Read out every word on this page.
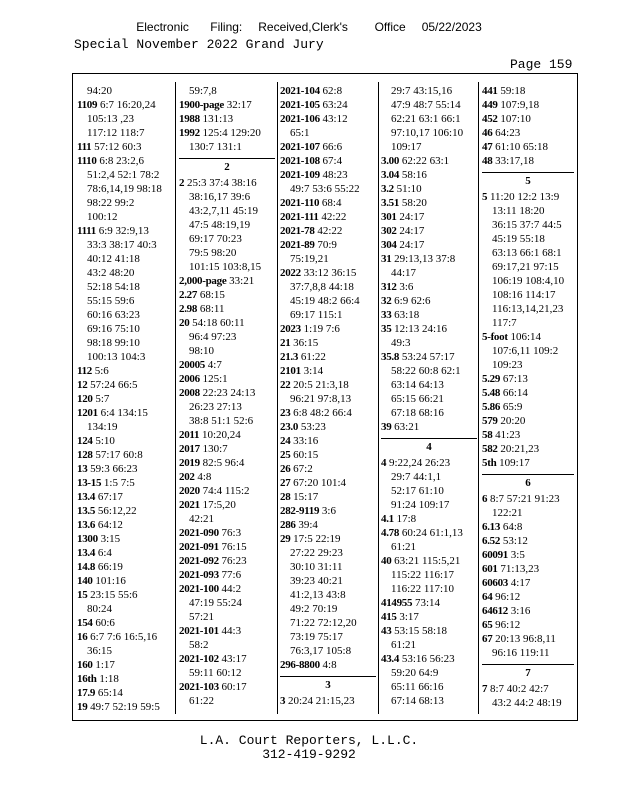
Electronic    Filing:   Received,Clerk's     Office   05/22/2023
Special November 2022 Grand Jury
Page 159
94:20
1109 6:7 16:20,24
105:13 ,23
117:12 118:7
111 57:12 60:3
1110 6:8 23:2,6
51:2,4 52:1 78:2
78:6,14,19 98:18
98:22 99:2
100:12
1111 6:9 32:9,13
33:3 38:17 40:3
40:12 41:18
43:2 48:20
52:18 54:18
55:15 59:6
60:16 63:23
69:16 75:10
98:18 99:10
100:13 104:3
112 5:6
12 57:24 66:5
120 5:7
1201 6:4 134:15
134:19
124 5:10
128 57:17 60:8
13 59:3 66:23
13-15 1:5 7:5
13.4 67:17
13.5 56:12,22
13.6 64:12
1300 3:15
13.4 6:4
14.8 66:19
140 101:16
15 23:15 55:6
80:24
154 60:6
16 6:7 7:6 16:5,16
36:15
160 1:17
16th 1:18
17.9 65:14
19 49:7 52:19 59:5
59:7,8
1900-page 32:17
1988 131:13
1992 125:4 129:20
130:7 131:1
2
2 25:3 37:4 38:16
38:16,17 39:6
43:2,7,11 45:19
47:5 48:19,19
69:17 70:23
79:5 98:20
101:15 103:8,15
2,000-page 33:21
2.27 68:15
2.98 68:11
20 54:18 60:11
96:4 97:23
98:10
20005 4:7
2006 125:1
2008 22:23 24:13
26:23 27:13
38:8 51:1 52:6
2011 10:20,24
2017 130:7
2019 82:5 96:4
202 4:8
2020 74:4 115:2
2021 17:5,20
42:21
2021-090 76:3
2021-091 76:15
2021-092 76:23
2021-093 77:6
2021-100 44:2
47:19 55:24
57:21
2021-101 44:3
58:2
2021-102 43:17
59:11 60:12
2021-103 60:17
61:22
2021-104 62:8
2021-105 63:24
2021-106 43:12
65:1
2021-107 66:6
2021-108 67:4
2021-109 48:23
49:7 53:6 55:22
2021-110 68:4
2021-111 42:22
2021-78 42:22
2021-89 70:9
75:19,21
2022 33:12 36:15
37:7,8,8 44:18
45:19 48:2 66:4
69:17 115:1
2023 1:19 7:6
21 36:15
21.3 61:22
2101 3:14
22 20:5 21:3,18
96:21 97:8,13
23 6:8 48:2 66:4
23.0 53:23
24 33:16
25 60:15
26 67:2
27 67:20 101:4
28 15:17
282-9119 3:6
286 39:4
29 17:5 22:19
27:22 29:23
30:10 31:11
39:23 40:21
41:2,13 43:8
49:2 70:19
71:22 72:12,20
73:19 75:17
76:3,17 105:8
296-8800 4:8
3
3 20:24 21:15,23
29:7 43:15,16
47:9 48:7 55:14
62:21 63:1 66:1
97:10,17 106:10
109:17
3.00 62:22 63:1
3.04 58:16
3.2 51:10
3.51 58:20
301 24:17
302 24:17
304 24:17
31 29:13,13 37:8
44:17
312 3:6
32 6:9 62:6
33 63:18
35 12:13 24:16
49:3
35.8 53:24 57:17
58:22 60:8 62:1
63:14 64:13
65:15 66:21
67:18 68:16
39 63:21
4
4 9:22,24 26:23
29:7 44:1,1
52:17 61:10
91:24 109:17
4.1 17:8
4.78 60:24 61:1,13
61:21
40 63:21 115:5,21
115:22 116:17
116:22 117:10
414955 73:14
415 3:17
43 53:15 58:18
61:21
43.4 53:16 56:23
59:20 64:9
65:11 66:16
67:14 68:13
441 59:18
449 107:9,18
452 107:10
46 64:23
47 61:10 65:18
48 33:17,18
5
5 11:20 12:2 13:9
13:11 18:20
36:15 37:7 44:5
45:19 55:18
63:13 66:1 68:1
69:17,21 97:15
106:19 108:4,10
108:16 114:17
116:13,14,21,23
117:7
5-foot 106:14
107:6,11 109:2
109:23
5.29 67:13
5.48 66:14
5.86 65:9
579 20:20
58 41:23
582 20:21,23
5th 109:17
6
6 8:7 57:21 91:23
122:21
6.13 64:8
6.52 53:12
60091 3:5
601 71:13,23
60603 4:17
64 96:12
64612 3:16
65 96:12
67 20:13 96:8,11
96:16 119:11
7
7 8:7 40:2 42:7
43:2 44:2 48:19
L.A. Court Reporters, L.L.C.
312-419-9292
